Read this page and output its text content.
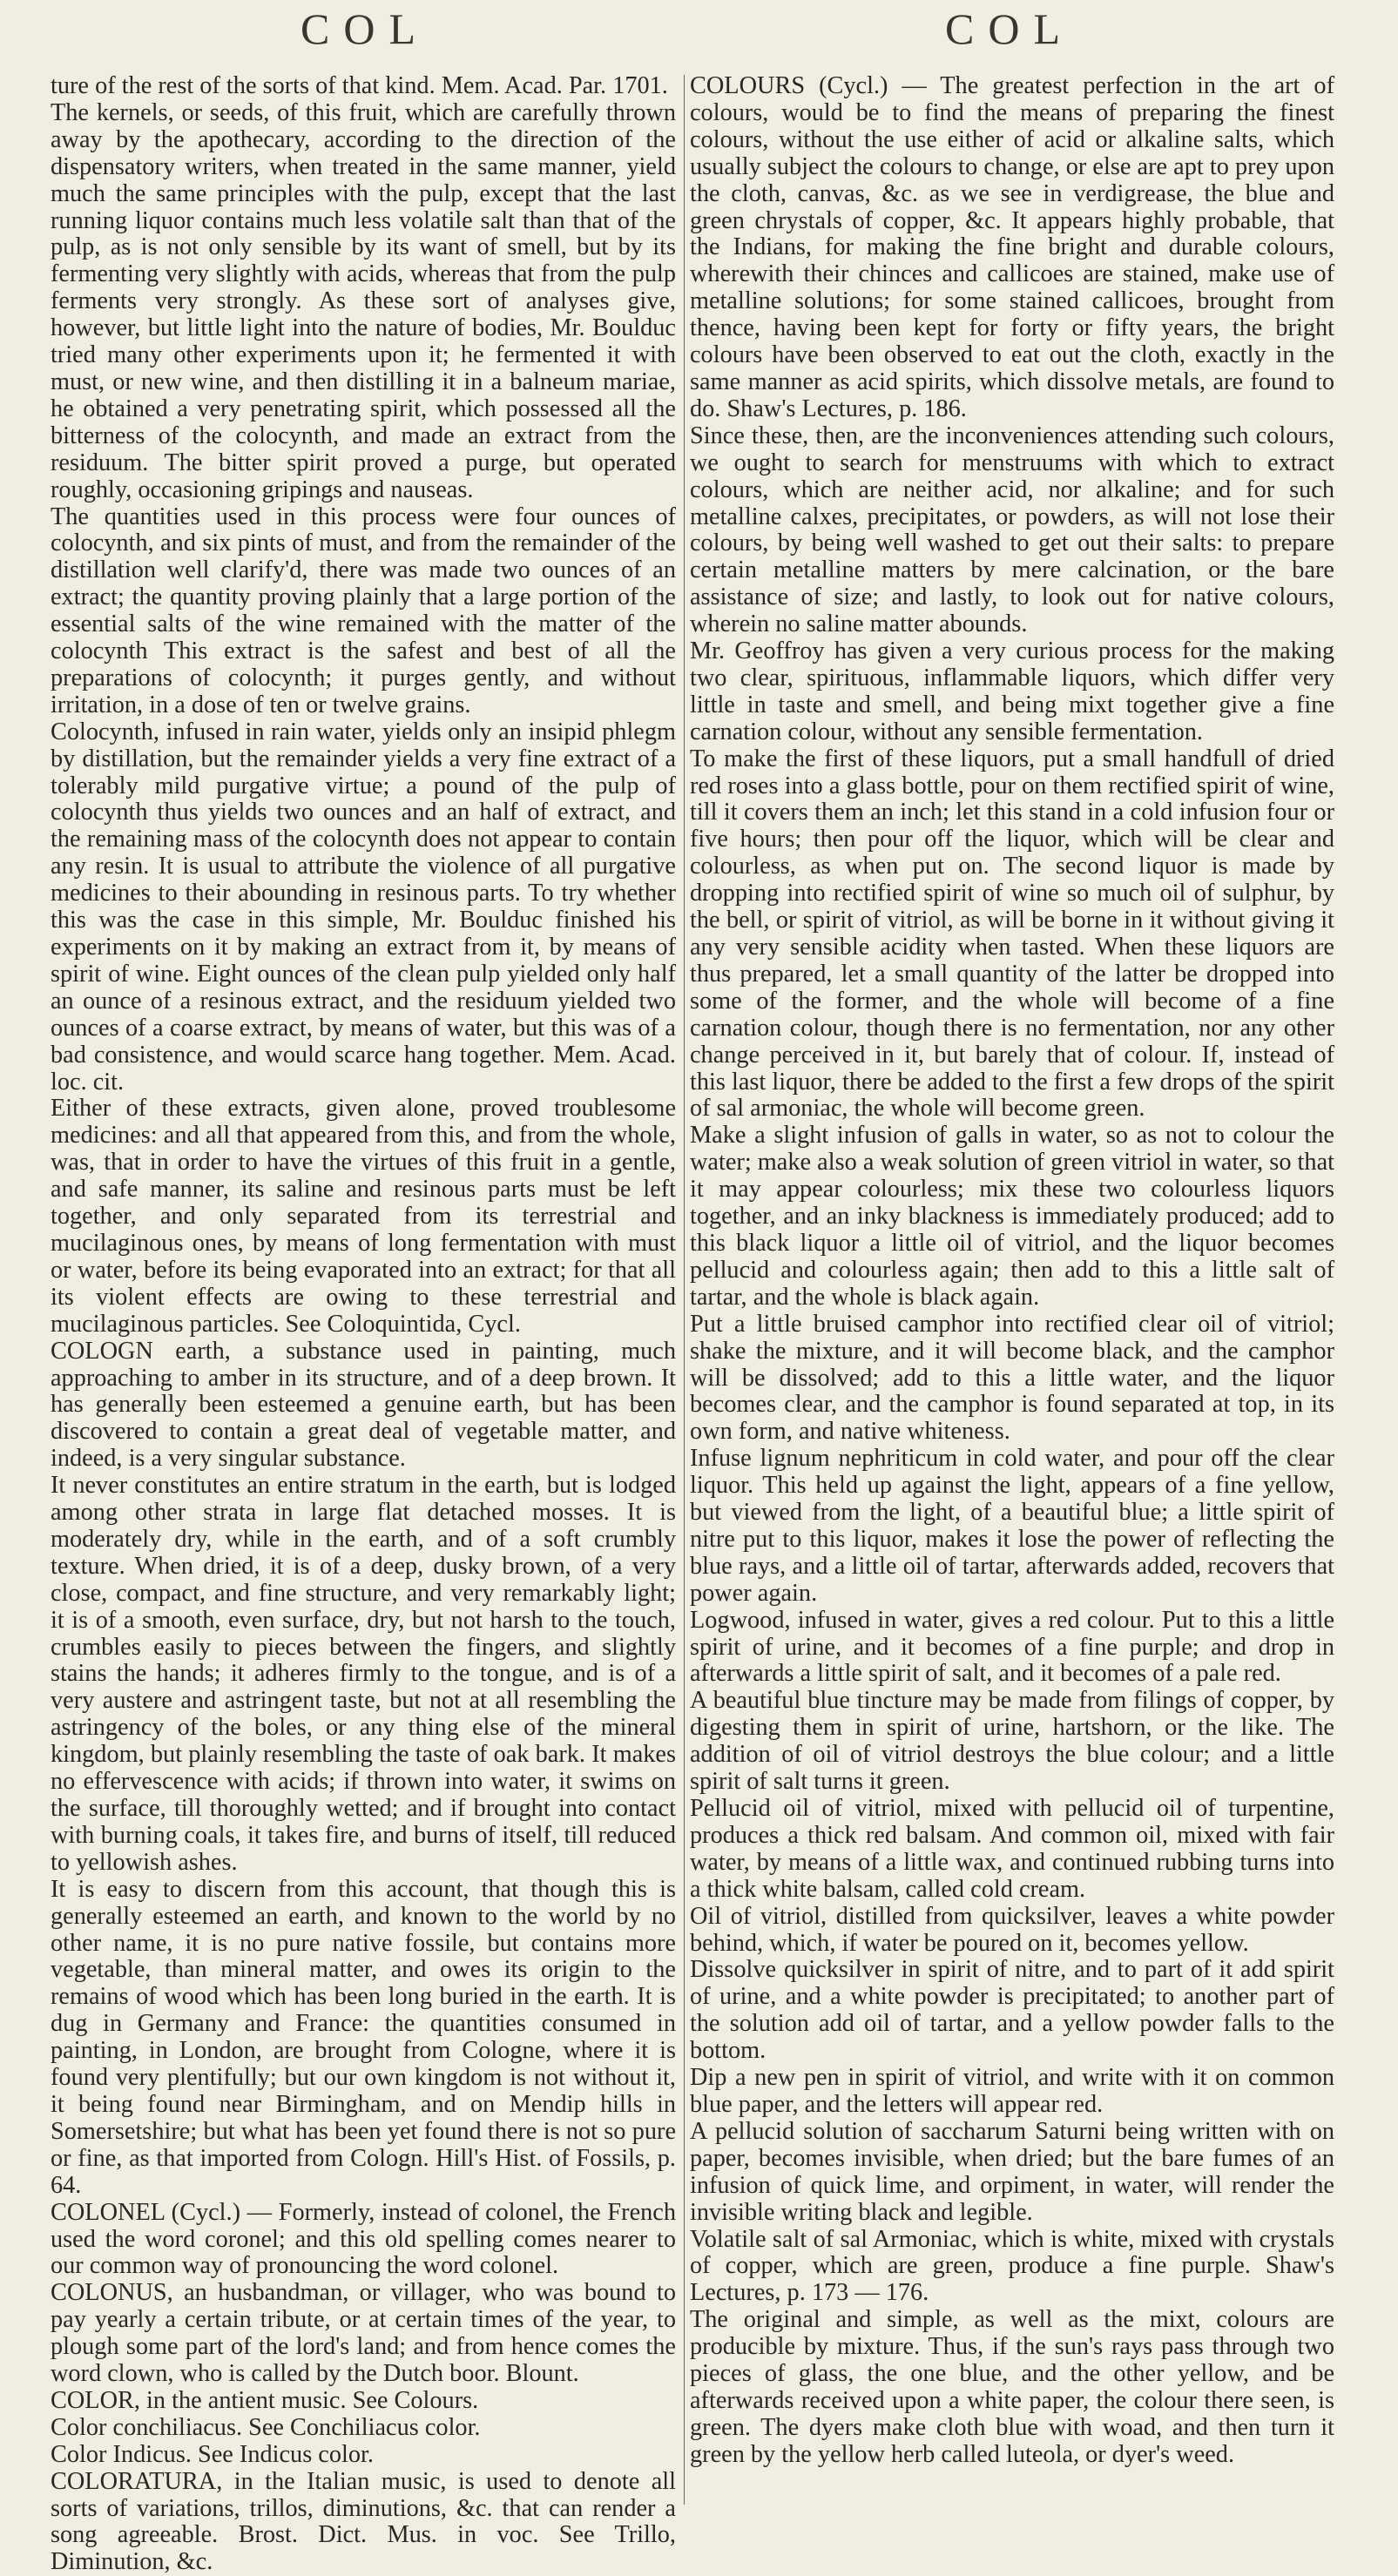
COL	COL

ture of the rest of the sorts of that kind. Mem. Acad. Par. 1701.

The kernels, or seeds, of this fruit, which are carefully thrown away by the apothecary, according to the direction of the dispensatory writers, when treated in the same manner, yield much the same principles with the pulp, except that the last running liquor contains much less volatile salt than that of the pulp, as is not only sensible by its want of smell, but by its fermenting very slightly with acids, whereas that from the pulp ferments very strongly. As these sort of analyses give, however, but little light into the nature of bodies, Mr. Boulduc tried many other experiments upon it; he fermented it with must, or new wine, and then distilling it in a balneum mariae, he obtained a very penetrating spirit, which possessed all the bitterness of the colocynth, and made an extract from the residuum. The bitter spirit proved a purge, but operated roughly, occasioning gripings and nauseas.

The quantities used in this process were four ounces of colocynth, and six pints of must, and from the remainder of the distillation well clarify'd, there was made two ounces of an extract; the quantity proving plainly that a large portion of the essential salts of the wine remained with the matter of the colocynth This extract is the safest and best of all the preparations of colocynth; it purges gently, and without irritation, in a dose of ten or twelve grains.

Colocynth, infused in rain water, yields only an insipid phlegm by distillation, but the remainder yields a very fine extract of a tolerably mild purgative virtue; a pound of the pulp of colocynth thus yields two ounces and an half of extract, and the remaining mass of the colocynth does not appear to contain any resin. It is usual to attribute the violence of all purgative medicines to their abounding in resinous parts. To try whether this was the case in this simple, Mr. Boulduc finished his experiments on it by making an extract from it, by means of spirit of wine. Eight ounces of the clean pulp yielded only half an ounce of a resinous extract, and the residuum yielded two ounces of a coarse extract, by means of water, but this was of a bad consistence, and would scarce hang together. Mem. Acad. loc. cit.

Either of these extracts, given alone, proved troublesome medicines: and all that appeared from this, and from the whole, was, that in order to have the virtues of this fruit in a gentle, and safe manner, its saline and resinous parts must be left together, and only separated from its terrestrial and mucilaginous ones, by means of long fermentation with must or water, before its being evaporated into an extract; for that all its violent effects are owing to these terrestrial and mucilaginous particles. See Coloquintida, Cycl.

COLOGN earth, a substance used in painting, much approaching to amber in its structure, and of a deep brown. It has generally been esteemed a genuine earth, but has been discovered to contain a great deal of vegetable matter, and indeed, is a very singular substance.

It never constitutes an entire stratum in the earth, but is lodged among other strata in large flat detached mosses. It is moderately dry, while in the earth, and of a soft crumbly texture. When dried, it is of a deep, dusky brown, of a very close, compact, and fine structure, and very remarkably light; it is of a smooth, even surface, dry, but not harsh to the touch, crumbles easily to pieces between the fingers, and slightly stains the hands; it adheres firmly to the tongue, and is of a very austere and astringent taste, but not at all resembling the astringency of the boles, or any thing else of the mineral kingdom, but plainly resembling the taste of oak bark. It makes no effervescence with acids; if thrown into water, it swims on the surface, till thoroughly wetted; and if brought into contact with burning coals, it takes fire, and burns of itself, till reduced to yellowish ashes.

It is easy to discern from this account, that though this is generally esteemed an earth, and known to the world by no other name, it is no pure native fossile, but contains more vegetable, than mineral matter, and owes its origin to the remains of wood which has been long buried in the earth. It is dug in Germany and France: the quantities consumed in painting, in London, are brought from Cologne, where it is found very plentifully; but our own kingdom is not without it, it being found near Birmingham, and on Mendip hills in Somersetshire; but what has been yet found there is not so pure or fine, as that imported from Cologn. Hill's Hist. of Fossils, p. 64.

COLONEL (Cycl.) — Formerly, instead of colonel, the French used the word coronel; and this old spelling comes nearer to our common way of pronouncing the word colonel.

COLONUS, an husbandman, or villager, who was bound to pay yearly a certain tribute, or at certain times of the year, to plough some part of the lord's land; and from hence comes the word clown, who is called by the Dutch boor. Blount.

COLOR, in the antient music. See Colours.

Color conchiliacus. See Conchiliacus color.

Color Indicus. See Indicus color.

COLORATURA, in the Italian music, is used to denote all sorts of variations, trillos, diminutions, &c. that can render a song agreeable. Brost. Dict. Mus. in voc. See Trillo, Diminution, &c.

COLOURS (Cycl.) — The greatest perfection in the art of colours, would be to find the means of preparing the finest colours, without the use either of acid or alkaline salts, which usually subject the colours to change, or else are apt to prey upon the cloth, canvas, &c. as we see in verdigrease, the blue and green chrystals of copper, &c. It appears highly probable, that the Indians, for making the fine bright and durable colours, wherewith their chinces and callicoes are stained, make use of metalline solutions; for some stained callicoes, brought from thence, having been kept for forty or fifty years, the bright colours have been observed to eat out the cloth, exactly in the same manner as acid spirits, which dissolve metals, are found to do. Shaw's Lectures, p. 186.

Since these, then, are the inconveniences attending such colours, we ought to search for menstruums with which to extract colours, which are neither acid, nor alkaline; and for such metalline calxes, precipitates, or powders, as will not lose their colours, by being well washed to get out their salts: to prepare certain metalline matters by mere calcination, or the bare assistance of size; and lastly, to look out for native colours, wherein no saline matter abounds.

Mr. Geoffroy has given a very curious process for the making two clear, spirituous, inflammable liquors, which differ very little in taste and smell, and being mixt together give a fine carnation colour, without any sensible fermentation.

To make the first of these liquors, put a small handfull of dried red roses into a glass bottle, pour on them rectified spirit of wine, till it covers them an inch; let this stand in a cold infusion four or five hours; then pour off the liquor, which will be clear and colourless, as when put on. The second liquor is made by dropping into rectified spirit of wine so much oil of sulphur, by the bell, or spirit of vitriol, as will be borne in it without giving it any very sensible acidity when tasted. When these liquors are thus prepared, let a small quantity of the latter be dropped into some of the former, and the whole will become of a fine carnation colour, though there is no fermentation, nor any other change perceived in it, but barely that of colour. If, instead of this last liquor, there be added to the first a few drops of the spirit of sal armoniac, the whole will become green.

Make a slight infusion of galls in water, so as not to colour the water; make also a weak solution of green vitriol in water, so that it may appear colourless; mix these two colourless liquors together, and an inky blackness is immediately produced; add to this black liquor a little oil of vitriol, and the liquor becomes pellucid and colourless again; then add to this a little salt of tartar, and the whole is black again.

Put a little bruised camphor into rectified clear oil of vitriol; shake the mixture, and it will become black, and the camphor will be dissolved; add to this a little water, and the liquor becomes clear, and the camphor is found separated at top, in its own form, and native whiteness.

Infuse lignum nephriticum in cold water, and pour off the clear liquor. This held up against the light, appears of a fine yellow, but viewed from the light, of a beautiful blue; a little spirit of nitre put to this liquor, makes it lose the power of reflecting the blue rays, and a little oil of tartar, afterwards added, recovers that power again.

Logwood, infused in water, gives a red colour. Put to this a little spirit of urine, and it becomes of a fine purple; and drop in afterwards a little spirit of salt, and it becomes of a pale red.

A beautiful blue tincture may be made from filings of copper, by digesting them in spirit of urine, hartshorn, or the like. The addition of oil of vitriol destroys the blue colour; and a little spirit of salt turns it green.

Pellucid oil of vitriol, mixed with pellucid oil of turpentine, produces a thick red balsam. And common oil, mixed with fair water, by means of a little wax, and continued rubbing turns into a thick white balsam, called cold cream.

Oil of vitriol, distilled from quicksilver, leaves a white powder behind, which, if water be poured on it, becomes yellow.

Dissolve quicksilver in spirit of nitre, and to part of it add spirit of urine, and a white powder is precipitated; to another part of the solution add oil of tartar, and a yellow powder falls to the bottom.

Dip a new pen in spirit of vitriol, and write with it on common blue paper, and the letters will appear red.

A pellucid solution of saccharum Saturni being written with on paper, becomes invisible, when dried; but the bare fumes of an infusion of quick lime, and orpiment, in water, will render the invisible writing black and legible.

Volatile salt of sal Armoniac, which is white, mixed with crystals of copper, which are green, produce a fine purple. Shaw's Lectures, p. 173 — 176.

The original and simple, as well as the mixt, colours are producible by mixture. Thus, if the sun's rays pass through two pieces of glass, the one blue, and the other yellow, and be afterwards received upon a white paper, the colour there seen, is green. The dyers make cloth blue with woad, and then turn it green by the yellow herb called luteola, or dyer's weed.
